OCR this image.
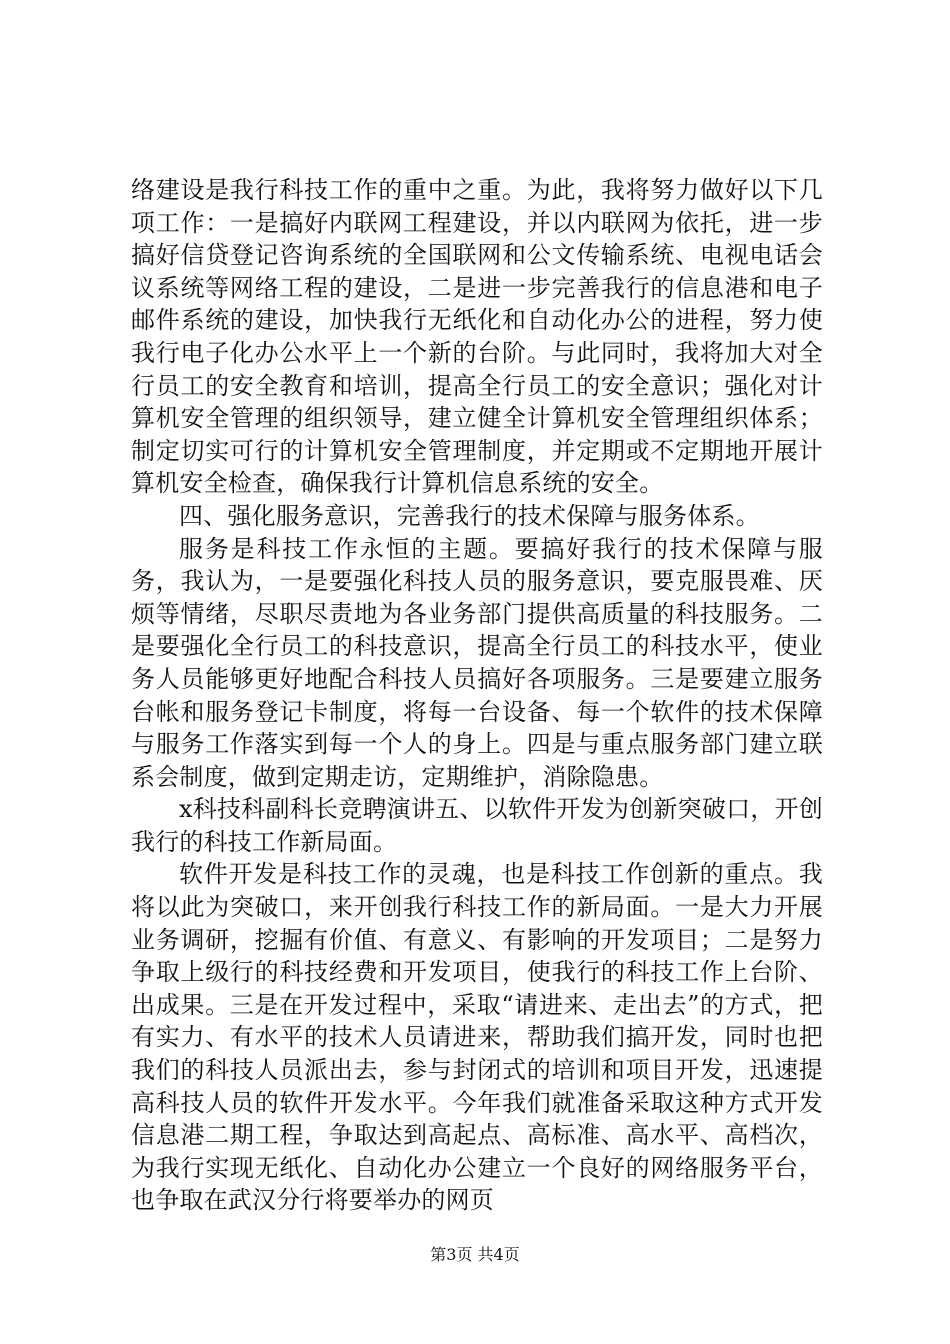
络建设是我行科技工作的重中之重。为此，我将努力做好以下几项工作：一是搞好内联网工程建设，并以内联网为依托，进一步搞好信贷登记咨询系统的全国联网和公文传输系统、电视电话会议系统等网络工程的建设，二是进一步完善我行的信息港和电子邮件系统的建设，加快我行无纸化和自动化办公的进程，努力使我行电子化办公水平上一个新的台阶。与此同时，我将加大对全行员工的安全教育和培训，提高全行员工的安全意识；强化对计算机安全管理的组织领导，建立健全计算机安全管理组织体系；制定切实可行的计算机安全管理制度，并定期或不定期地开展计算机安全检查，确保我行计算机信息系统的安全。

四、强化服务意识，完善我行的技术保障与服务体系。

服务是科技工作永恒的主题。要搞好我行的技术保障与服务，我认为，一是要强化科技人员的服务意识，要克服畏难、厌烦等情绪，尽职尽责地为各业务部门提供高质量的科技服务。二是要强化全行员工的科技意识，提高全行员工的科技水平，使业务人员能够更好地配合科技人员搞好各项服务。三是要建立服务台帐和服务登记卡制度，将每一台设备、每一个软件的技术保障与服务工作落实到每一个人的身上。四是与重点服务部门建立联系会制度，做到定期走访，定期维护，消除隐患。

x科技科副科长竞聘演讲五、以软件开发为创新突破口，开创我行的科技工作新局面。

软件开发是科技工作的灵魂，也是科技工作创新的重点。我将以此为突破口，来开创我行科技工作的新局面。一是大力开展业务调研，挖掘有价值、有意义、有影响的开发项目；二是努力争取上级行的科技经费和开发项目，使我行的科技工作上台阶、出成果。三是在开发过程中，采取“请进来、走出去”的方式，把有实力、有水平的技术人员请进来，帮助我们搞开发，同时也把我们的科技人员派出去，参与封闭式的培训和项目开发，迅速提高科技人员的软件开发水平。今年我们就准备采取这种方式开发信息港二期工程，争取达到高起点、高标准、高水平、高档次，为我行实现无纸化、自动化办公建立一个良好的网络服务平台，也争取在武汉分行将要举办的网页

第3页 共4页
